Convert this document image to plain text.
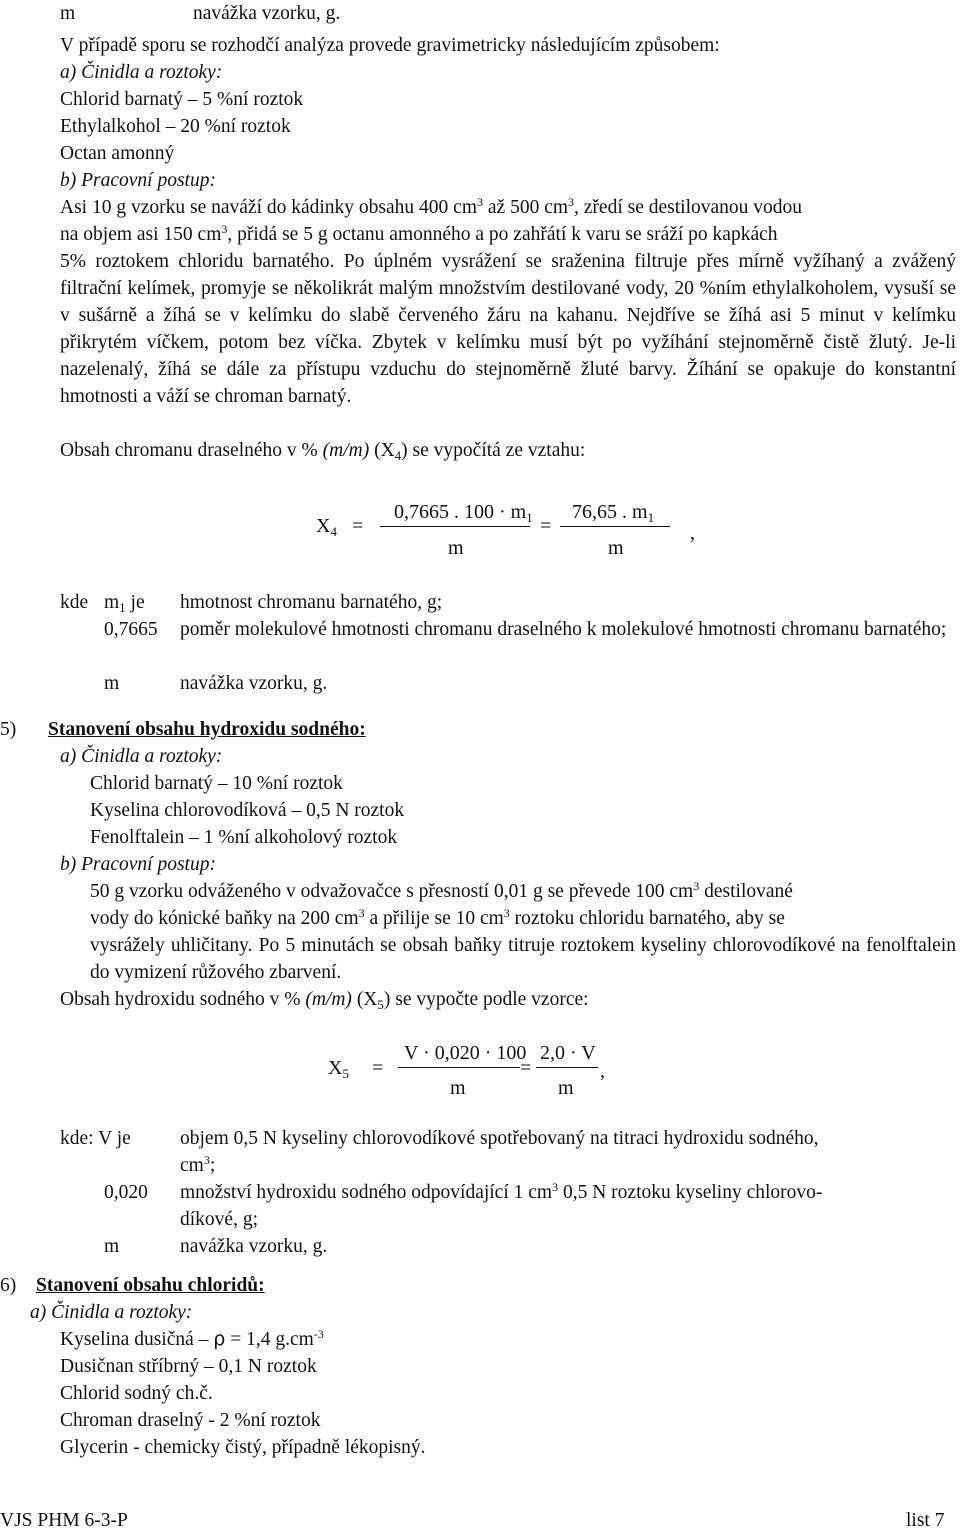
m	navážka vzorku, g.
V případě sporu se rozhodčí analýza provede gravimetricky následujícím způsobem:
a) Činidla a roztoky:
Chlorid barnatý – 5 %ní roztok
Ethylalkohol – 20 %ní roztok
Octan amonný
b) Pracovní postup:
Asi 10 g vzorku se naváží do kádinky obsahu 400 $cm^3$ až 500 $cm^3$, zředí se destilovanou vodou
na objem asi 150 $cm^3$, přidá se 5 g octanu amonného a po zahřátí k varu se sráží po kapkách
5% roztokem chloridu barnatého. Po úplném vysrážení se sraženina filtruje přes mírně vyžíhaný a zvážený filtrační kelímek, promyje se několikrát malým množstvím destilované vody, 20 %ním ethylalkoholem, vysuší se v sušárně a žíhá se v kelímku do slabě červeného žáru na kahanu. Nejdříve se žíhá asi 5 minut v kelímku přikrytém víčkem, potom bez víčka. Zbytek v kelímku musí být po vyžíhání stejnoměrně čistě žlutý. Je-li nazelenalý, žíhá se dále za přístupu vzduchu do stejnoměrně žluté barvy. Žíhání se opakuje do konstantní hmotnosti a váží se chroman barnatý.
Obsah chromanu draselného v % (m/m) $(X_4)$ se vypočítá ze vztahu:
$X_4$ =
0,7665 . $100 \cdot m_1$
m
=
76,65 . $m_1$
m
,
kde $m_1$ je hmotnost chromanu barnatého, g;
0,7665 poměr molekulové hmotnosti chromanu draselného k molekulové hmotnosti chromanu barnatého;
m	navážka vzorku, g.
5) Stanovení obsahu hydroxidu sodného:
a) Činidla a roztoky:
Chlorid barnatý – 10 %ní roztok
Kyselina chlorovodíková – 0,5 N roztok
Fenolftalein – 1 %ní alkoholový roztok
b) Pracovní postup:
50 g vzorku odváženého v odvažovačce s přesností 0,01 g se převede 100 $cm^3$ destilované
vody do kónické baňky na 200 $cm^3$ a přilije se 10 $cm^3$ roztoku chloridu barnatého, aby se
vysrážely uhličitany. Po 5 minutách se obsah baňky titruje roztokem kyseliny chlorovodíkové na fenolftalein do vymizení růžového zbarvení.
Obsah hydroxidu sodného v % (m/m) $(X_5)$ se vypočte podle vzorce:
$X_5$ =
V · 0,020 · 100
m
=
2,0 · V
m
,
kde: V je	objem 0,5 N kyseliny chlorovodíkové spotřebovaný na titraci hydroxidu sodného,
$cm^3$;
0,020 množství hydroxidu sodného odpovídající 1 $cm^3$ 0,5 N roztoku kyseliny chlorovo-
díkové, g;
m	navážka vzorku, g.
6) Stanovení obsahu chloridů:
a) Činidla a roztoky:
Kyselina dusičná – ρ = 1,4 $g.cm^{-3}$
Dusičnan stříbrný – 0,1 N roztok
Chlorid sodný ch.č.
Chroman draselný - 2 %ní roztok
Glycerin - chemicky čistý, případně lékopisný.
VJS PHM 6-3-P	list 7
